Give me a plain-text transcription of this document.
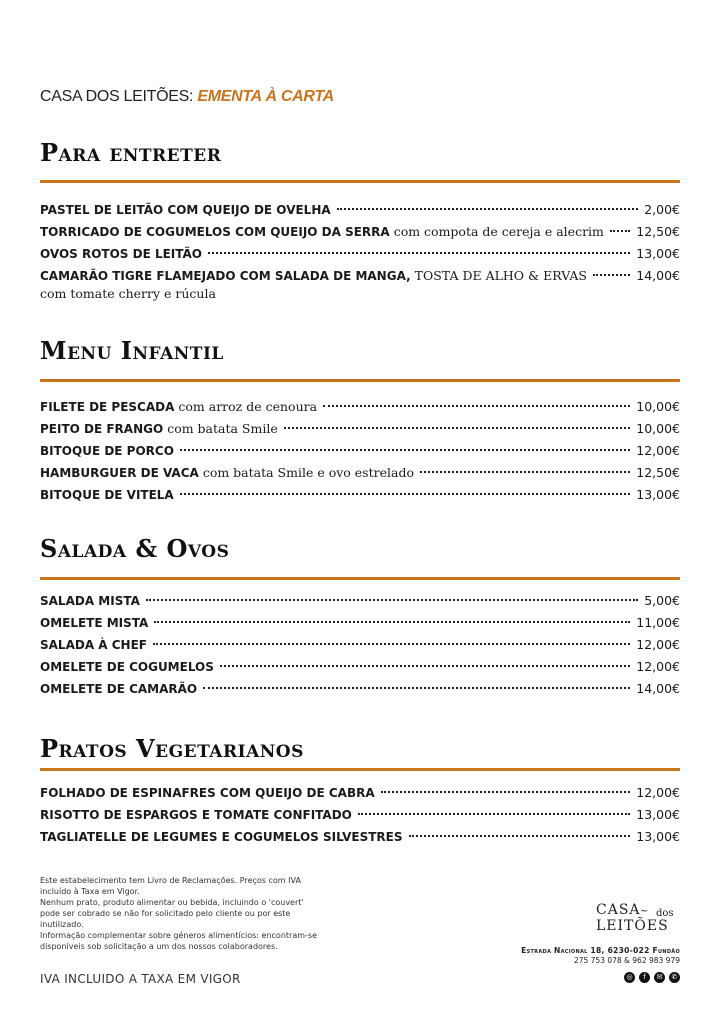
CASA DOS LEITÕES: EMENTA À CARTA
Para entreter
PASTEL DE LEITÃO COM QUEIJO DE OVELHA	2,00€
TORRICADO DE COGUMELOS COM QUEIJO DA SERRA com compota de cereja e alecrim	12,50€
OVOS ROTOS DE LEITÃO	13,00€
CAMARÃO TIGRE FLAMEJADO COM SALADA DE MANGA, TOSTA DE ALHO & ERVAS	14,00€
com tomate cherry e rúcula
Menu Infantil
FILETE DE PESCADA com arroz de cenoura	10,00€
PEITO DE FRANGO com batata Smile	10,00€
BITOQUE DE PORCO	12,00€
HAMBURGUER DE VACA com batata Smile e ovo estrelado	12,50€
BITOQUE DE VITELA	13,00€
Salada & Ovos
SALADA MISTA	5,00€
OMELETE MISTA	11,00€
SALADA À CHEF	12,00€
OMELETE DE COGUMELOS	12,00€
OMELETE DE CAMARÃO	14,00€
Pratos Vegetarianos
FOLHADO DE ESPINAFRES COM QUEIJO DE CABRA	12,00€
RISOTTO DE ESPARGOS E TOMATE CONFITADO	13,00€
TAGLIATELLE DE LEGUMES E COGUMELOS SILVESTRES	13,00€
Este estabelecimento tem Livro de Reclamações. Preços com IVA
incluído à Taxa em Vigor.
Nenhum prato, produto alimentar ou bebida, incluindo o 'couvert'
pode ser cobrado se não for solicitado pelo cliente ou por este
inutilizado.
Informação complementar sobre géneros alimentícios: encontram-se
disponíveis sob solicitação a um dos nossos colaboradores.
IVA INCLUIDO A TAXA EM VIGOR
CASA ~ dos
LEITÕES
Estrada Nacional 18, 6230-022 Fundão
275 753 078 & 962 983 979
◎	f	✉	✆
